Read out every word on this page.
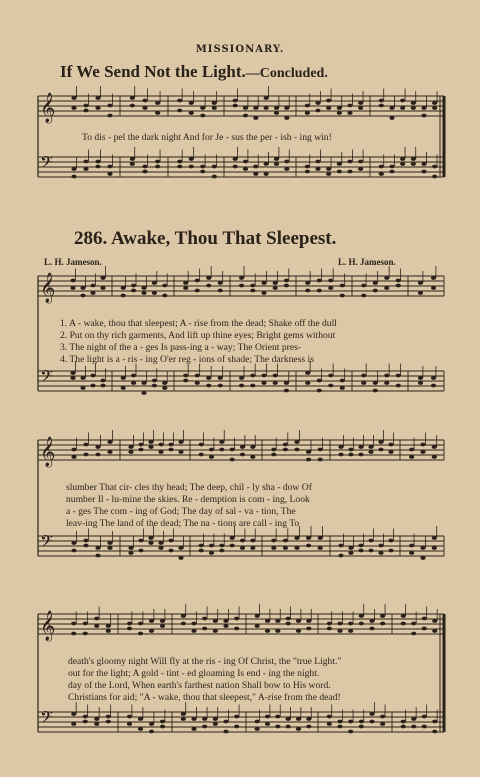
𝄞
𝄢
𝄞
𝄢
𝄞
𝄢
𝄞
𝄢
MISSIONARY.
If We Send Not the Light.—Concluded.
To dis - pel the dark night And for Je - sus the per - ish - ing win!
286. Awake, Thou That Sleepest.
L. H. Jameson.	L. H. Jameson.
1. A - wake, thou that sleepest; A - rise from the dead; Shake off the dull
2. Put on thy rich garments, And lift up thine eyes; Bright gems without
3. The night of the a - ges Is pass-ing a - way; The Orient pres-
4. The light is a - ris - ing O'er reg - ions of shade; The darkness is
slumber That cir- cles thy head; The deep, chil - ly sha - dow Of
number Il - lu-mine the skies. Re - demption is com - ing, Look
a - ges The com - ing of God; The day of sal - va - tion, The
leav-ing The land of the dead; The na - tions are call - ing To
death's gloomy night Will fly at the ris - ing Of Christ, the "true Light."
out for the light; A gold - tint - ed gloaming Is end - ing the night.
day of the Lord, When earth's farthest nation Shall bow to His word.
Christians for aid; "A - wake, thou that sleepest," A-rise from the dead!
